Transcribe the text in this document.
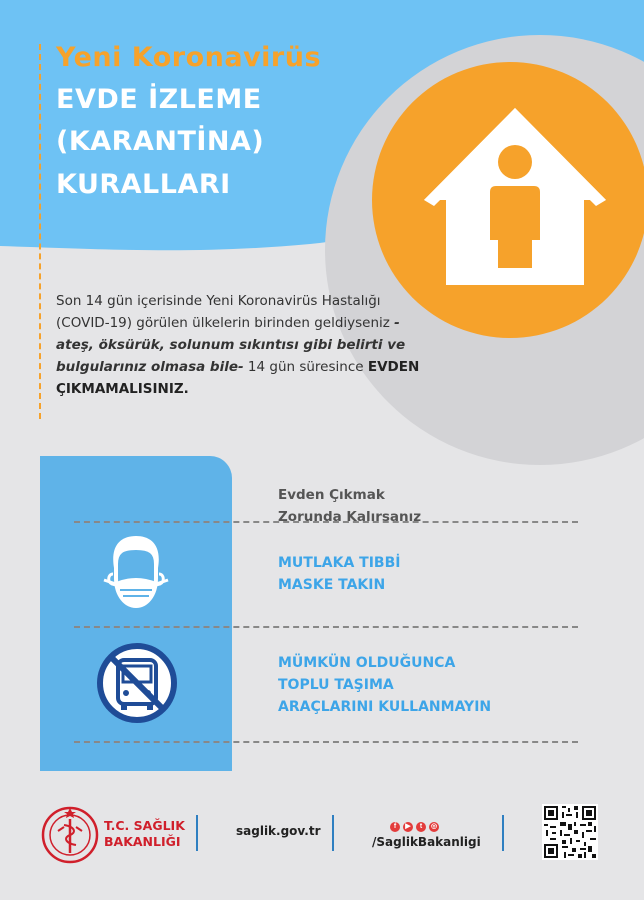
Yeni Koronavirüs
EVDE İZLEME
(KARANTİNA)
KURALLARI

Son 14 gün içerisinde Yeni Koronavirüs Hastalığı (COVID-19) görülen ülkelerin birinden geldiyseniz -ateş, öksürük, solunum sıkıntısı gibi belirti ve bulgularınız olmasa bile- 14 gün süresince EVDEN ÇIKMAMALISINIZ.

Evden Çıkmak
Zorunda Kalırsanız
MUTLAKA TIBBİ
MASKE TAKIN
MÜMKÜN OLDUĞUNCA
TOPLU TAŞIMA
ARAÇLARINI KULLANMAYIN
T.C. SAĞLIK
BAKANLIĞI
saglik.gov.tr	f	▶	t	◎
/SaglikBakanligi
